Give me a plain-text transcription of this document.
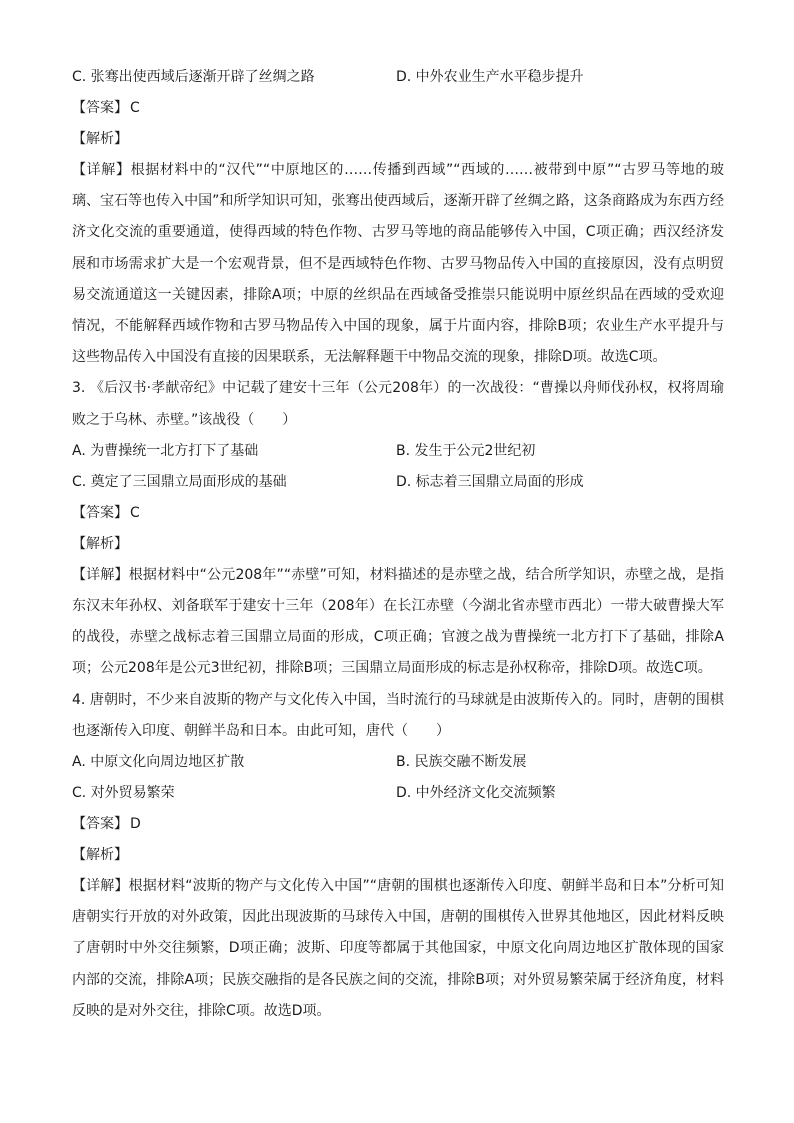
C. 张骞出使西域后逐渐开辟了丝绸之路	D. 中外农业生产水平稳步提升
【答案】 C
【解析】

【详解】根据材料中的“汉代”“中原地区的……传播到西域”“西域的……被带到中原”“古罗马等地的玻璃、宝石等也传入中国”和所学知识可知，张骞出使西域后，逐渐开辟了丝绸之路，这条商路成为东西方经济文化交流的重要通道，使得西域的特色作物、古罗马等地的商品能够传入中国，C项正确；西汉经济发展和市场需求扩大是一个宏观背景，但不是西域特色作物、古罗马物品传入中国的直接原因，没有点明贸易交流通道这一关键因素，排除A项；中原的丝织品在西域备受推崇只能说明中原丝织品在西域的受欢迎情况，不能解释西域作物和古罗马物品传入中国的现象，属于片面内容，排除B项；农业生产水平提升与这些物品传入中国没有直接的因果联系，无法解释题干中物品交流的现象，排除D项。故选C项。

3. 《后汉书·孝献帝纪》中记载了建安十三年（公元208年）的一次战役：“曹操以舟师伐孙权，权将周瑜败之于乌林、赤壁。”该战役（　　）

A. 为曹操统一北方打下了基础	B. 发生于公元2世纪初
C. 奠定了三国鼎立局面形成的基础	D. 标志着三国鼎立局面的形成
【答案】 C
【解析】

【详解】根据材料中“公元208年”“赤壁”可知，材料描述的是赤壁之战，结合所学知识，赤壁之战，是指东汉末年孙权、刘备联军于建安十三年（208年）在长江赤壁（今湖北省赤壁市西北）一带大破曹操大军的战役，赤壁之战标志着三国鼎立局面的形成，C项正确；官渡之战为曹操统一北方打下了基础，排除A项；公元208年是公元3世纪初，排除B项；三国鼎立局面形成的标志是孙权称帝，排除D项。故选C项。

4. 唐朝时，不少来自波斯的物产与文化传入中国，当时流行的马球就是由波斯传入的。同时，唐朝的围棋也逐渐传入印度、朝鲜半岛和日本。由此可知，唐代（　　）

A. 中原文化向周边地区扩散	B. 民族交融不断发展
C. 对外贸易繁荣	D. 中外经济文化交流频繁
【答案】 D
【解析】

【详解】根据材料“波斯的物产与文化传入中国”“唐朝的围棋也逐渐传入印度、朝鲜半岛和日本”分析可知唐朝实行开放的对外政策，因此出现波斯的马球传入中国，唐朝的围棋传入世界其他地区，因此材料反映了唐朝时中外交往频繁，D项正确；波斯、印度等都属于其他国家，中原文化向周边地区扩散体现的国家内部的交流，排除A项；民族交融指的是各民族之间的交流，排除B项；对外贸易繁荣属于经济角度，材料反映的是对外交往，排除C项。故选D项。
